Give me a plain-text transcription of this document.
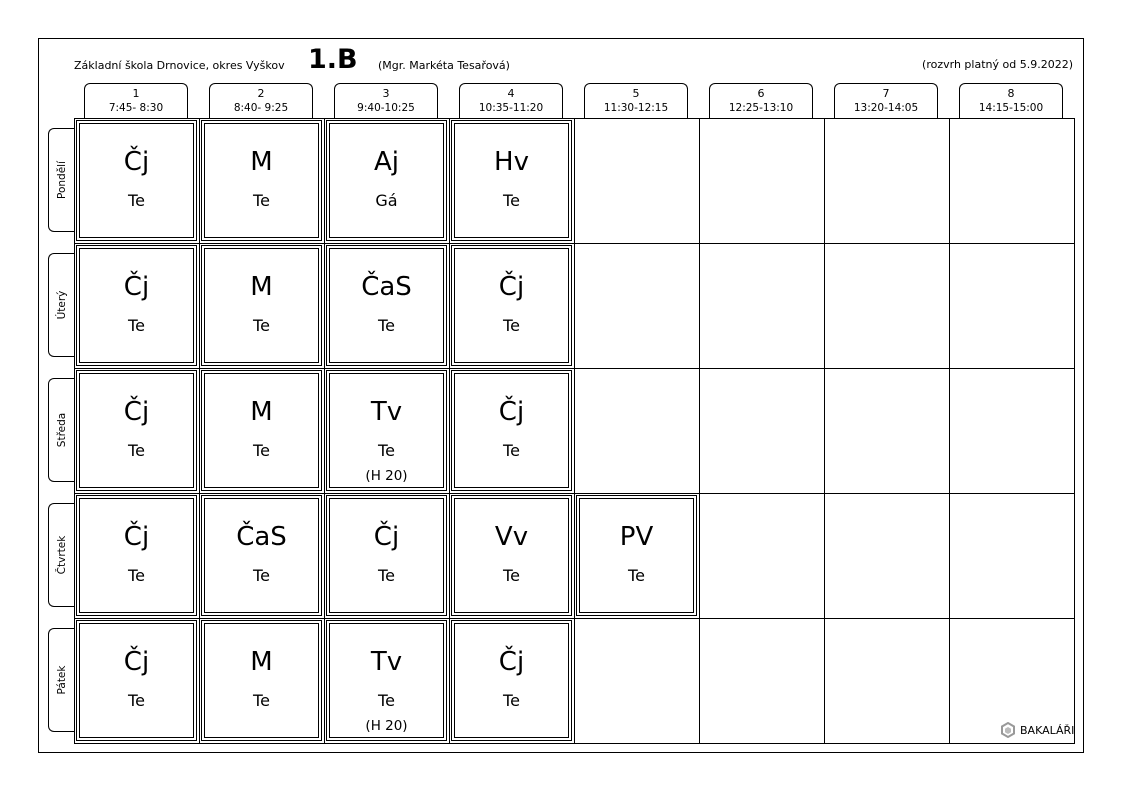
Základní škola Drnovice, okres Vyškov 1.B (Mgr. Markéta Tesařová)	(rozvrh platný od 5.9.2022)
1
7:45- 8:30
2
8:40- 9:25
3
9:40-10:25
4
10:35-11:20
5
11:30-12:15
6
12:25-13:10
7
13:20-14:05
8
14:15-15:00
Pondělí
Úterý
Středa
Čtvrtek
Pátek
Čj
Te
M
Te
Aj
Gá
Hv
Te
Čj
Te
M
Te
ČaS
Te
Čj
Te
Čj
Te
M
Te
Tv
Te
(H 20)
Čj
Te
Čj
Te
ČaS
Te
Čj
Te
Vv
Te
PV
Te
Čj
Te
M
Te
Tv
Te
(H 20)
Čj
Te
BAKALÁŘI
